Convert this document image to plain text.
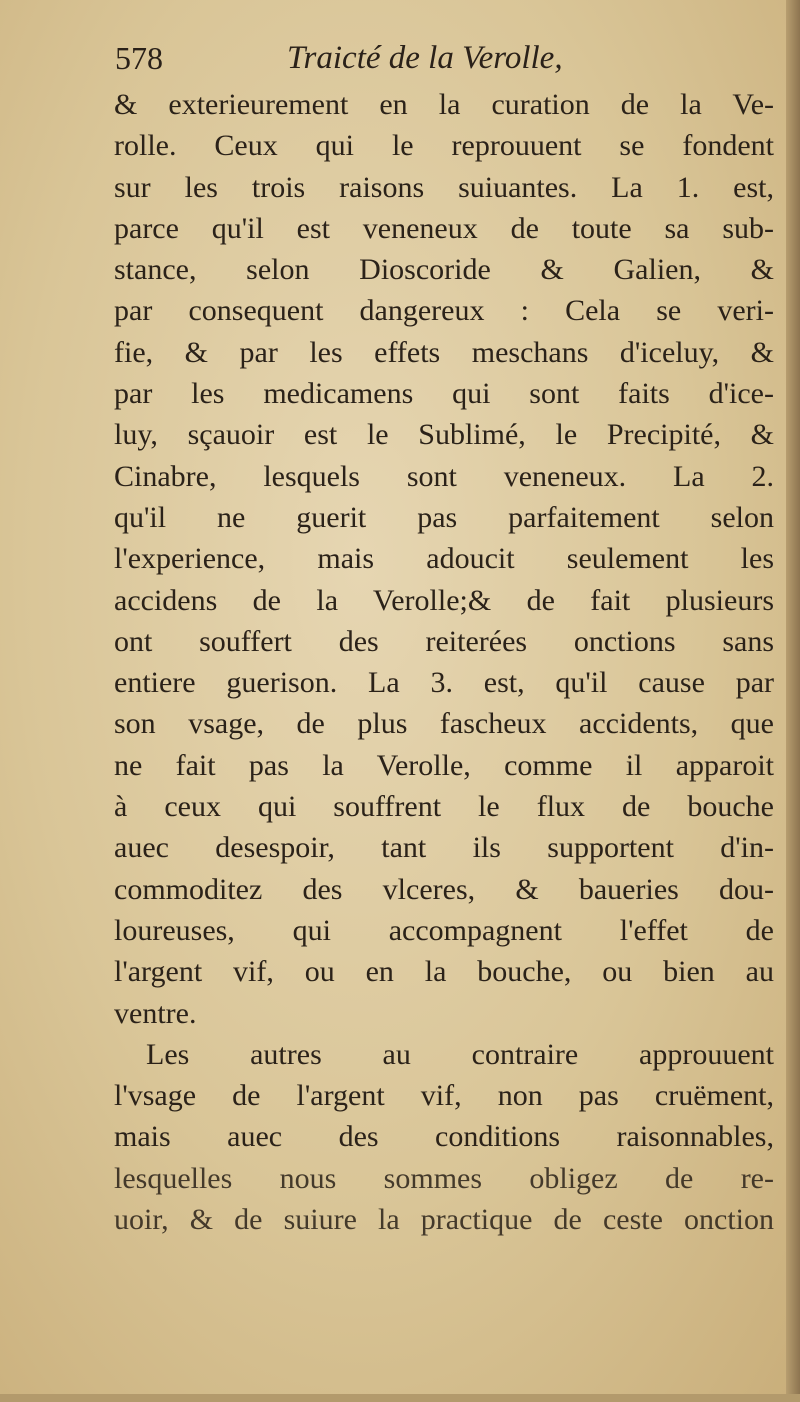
578	Traicté de la Verolle,
& exterieurement en la curation de la Ve-
rolle. Ceux qui le reprouuent se fondent
sur les trois raisons suiuantes. La 1. est,
parce qu'il est veneneux de toute sa sub-
stance, selon Dioscoride & Galien, &
par consequent dangereux : Cela se veri-
fie, & par les effets meschans d'iceluy, &
par les medicamens qui sont faits d'ice-
luy, sçauoir est le Sublimé, le Precipité, &
Cinabre, lesquels sont veneneux. La 2.
qu'il ne guerit pas parfaitement selon
l'experience, mais adoucit seulement les
accidens de la Verolle;& de fait plusieurs
ont souffert des reiterées onctions sans
entiere guerison. La 3. est, qu'il cause par
son vsage, de plus fascheux accidents, que
ne fait pas la Verolle, comme il apparoit
à ceux qui souffrent le flux de bouche
auec desespoir, tant ils supportent d'in-
commoditez des vlceres, & baueries dou-
loureuses, qui accompagnent l'effet de
l'argent vif, ou en la bouche, ou bien au
ventre.
Les autres au contraire approuuent
l'vsage de l'argent vif, non pas cruëment,
mais auec des conditions raisonnables,
lesquelles nous sommes obligez de re-
uoir, & de suiure la practique de ceste onction
